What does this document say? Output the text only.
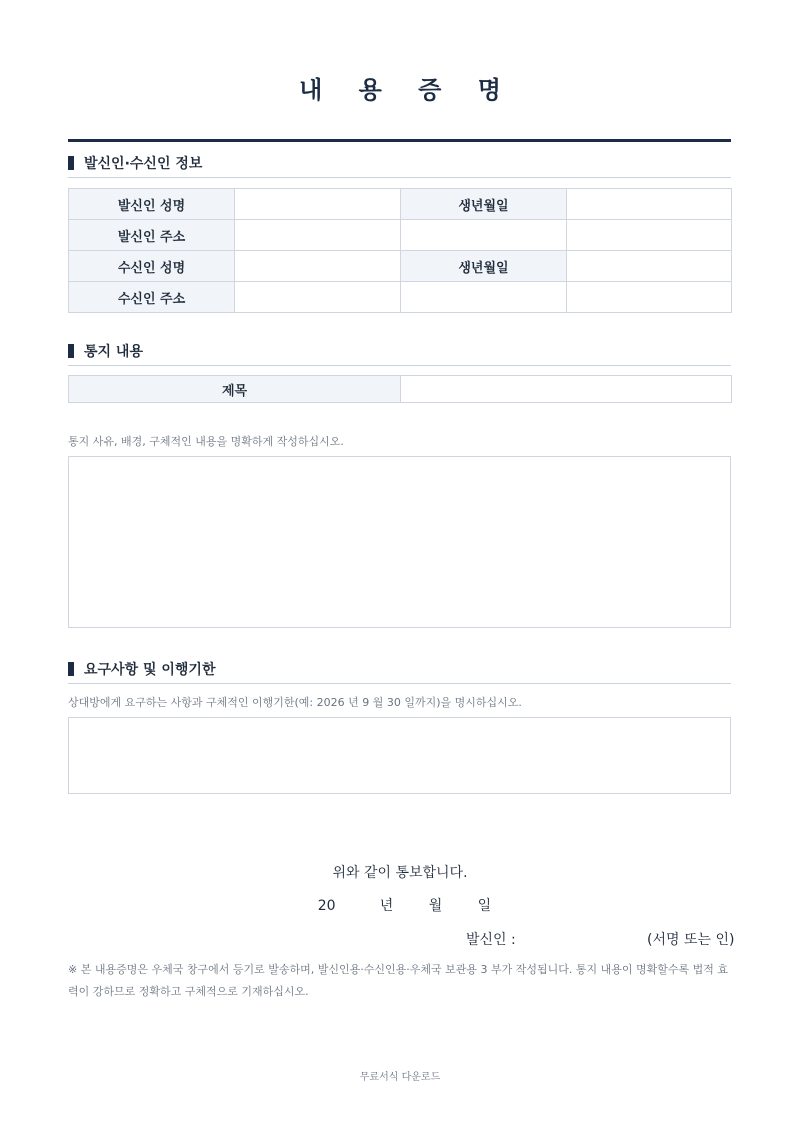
내 용 증 명
발신인·수신인 정보
발신인 성명		생년월일	
발신인 주소			
수신인 성명		생년월일	
수신인 주소			
통지 내용
제목	
통지 사유, 배경, 구체적인 내용을 명확하게 작성하십시오.
요구사항 및 이행기한
상대방에게 요구하는 사항과 구체적인 이행기한(예: 2026 년 9 월 30 일까지)을 명시하십시오.
위와 같이 통보합니다.
20	년	월	일
발신인 :	(서명 또는 인)
※ 본 내용증명은 우체국 창구에서 등기로 발송하며, 발신인용·수신인용·우체국 보관용 3 부가 작성됩니다. 통지 내용이 명확할수록 법적 효력이 강하므로 정확하고 구체적으로 기재하십시오.
무료서식 다운로드
